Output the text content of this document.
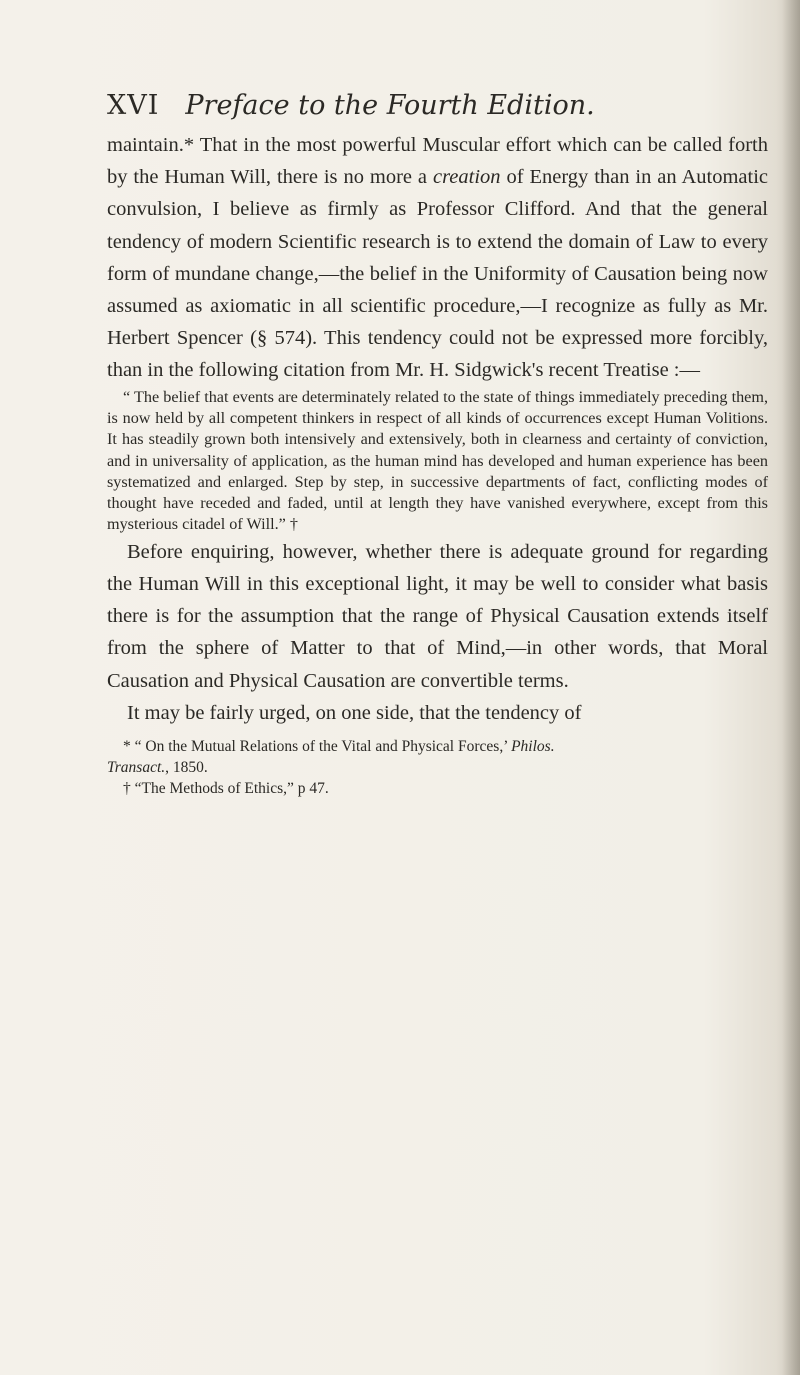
XVI Preface to the Fourth Edition.

maintain.* That in the most powerful Muscular effort which can be called forth by the Human Will, there is no more a creation of Energy than in an Automatic convulsion, I believe as firmly as Professor Clifford. And that the general tendency of modern Scientific research is to extend the domain of Law to every form of mundane change,—the belief in the Uniformity of Causation being now assumed as axiomatic in all scientific procedure,—I recognize as fully as Mr. Herbert Spencer (§ 574). This tendency could not be expressed more forcibly, than in the following citation from Mr. H. Sidgwick's recent Treatise :—

“ The belief that events are determinately related to the state of things immediately preceding them, is now held by all competent thinkers in respect of all kinds of occurrences except Human Volitions. It has steadily grown both intensively and extensively, both in clearness and certainty of conviction, and in universality of application, as the human mind has developed and human experience has been systematized and enlarged. Step by step, in successive departments of fact, conflicting modes of thought have receded and faded, until at length they have vanished everywhere, except from this mysterious citadel of Will.” †

Before enquiring, however, whether there is adequate ground for regarding the Human Will in this exceptional light, it may be well to consider what basis there is for the assumption that the range of Physical Causation extends itself from the sphere of Matter to that of Mind,—in other words, that Moral Causation and Physical Causation are convertible terms.

It may be fairly urged, on one side, that the tendency of

* “ On the Mutual Relations of the Vital and Physical Forces,’ Philos.
Transact., 1850.

† “The Methods of Ethics,” p 47.
